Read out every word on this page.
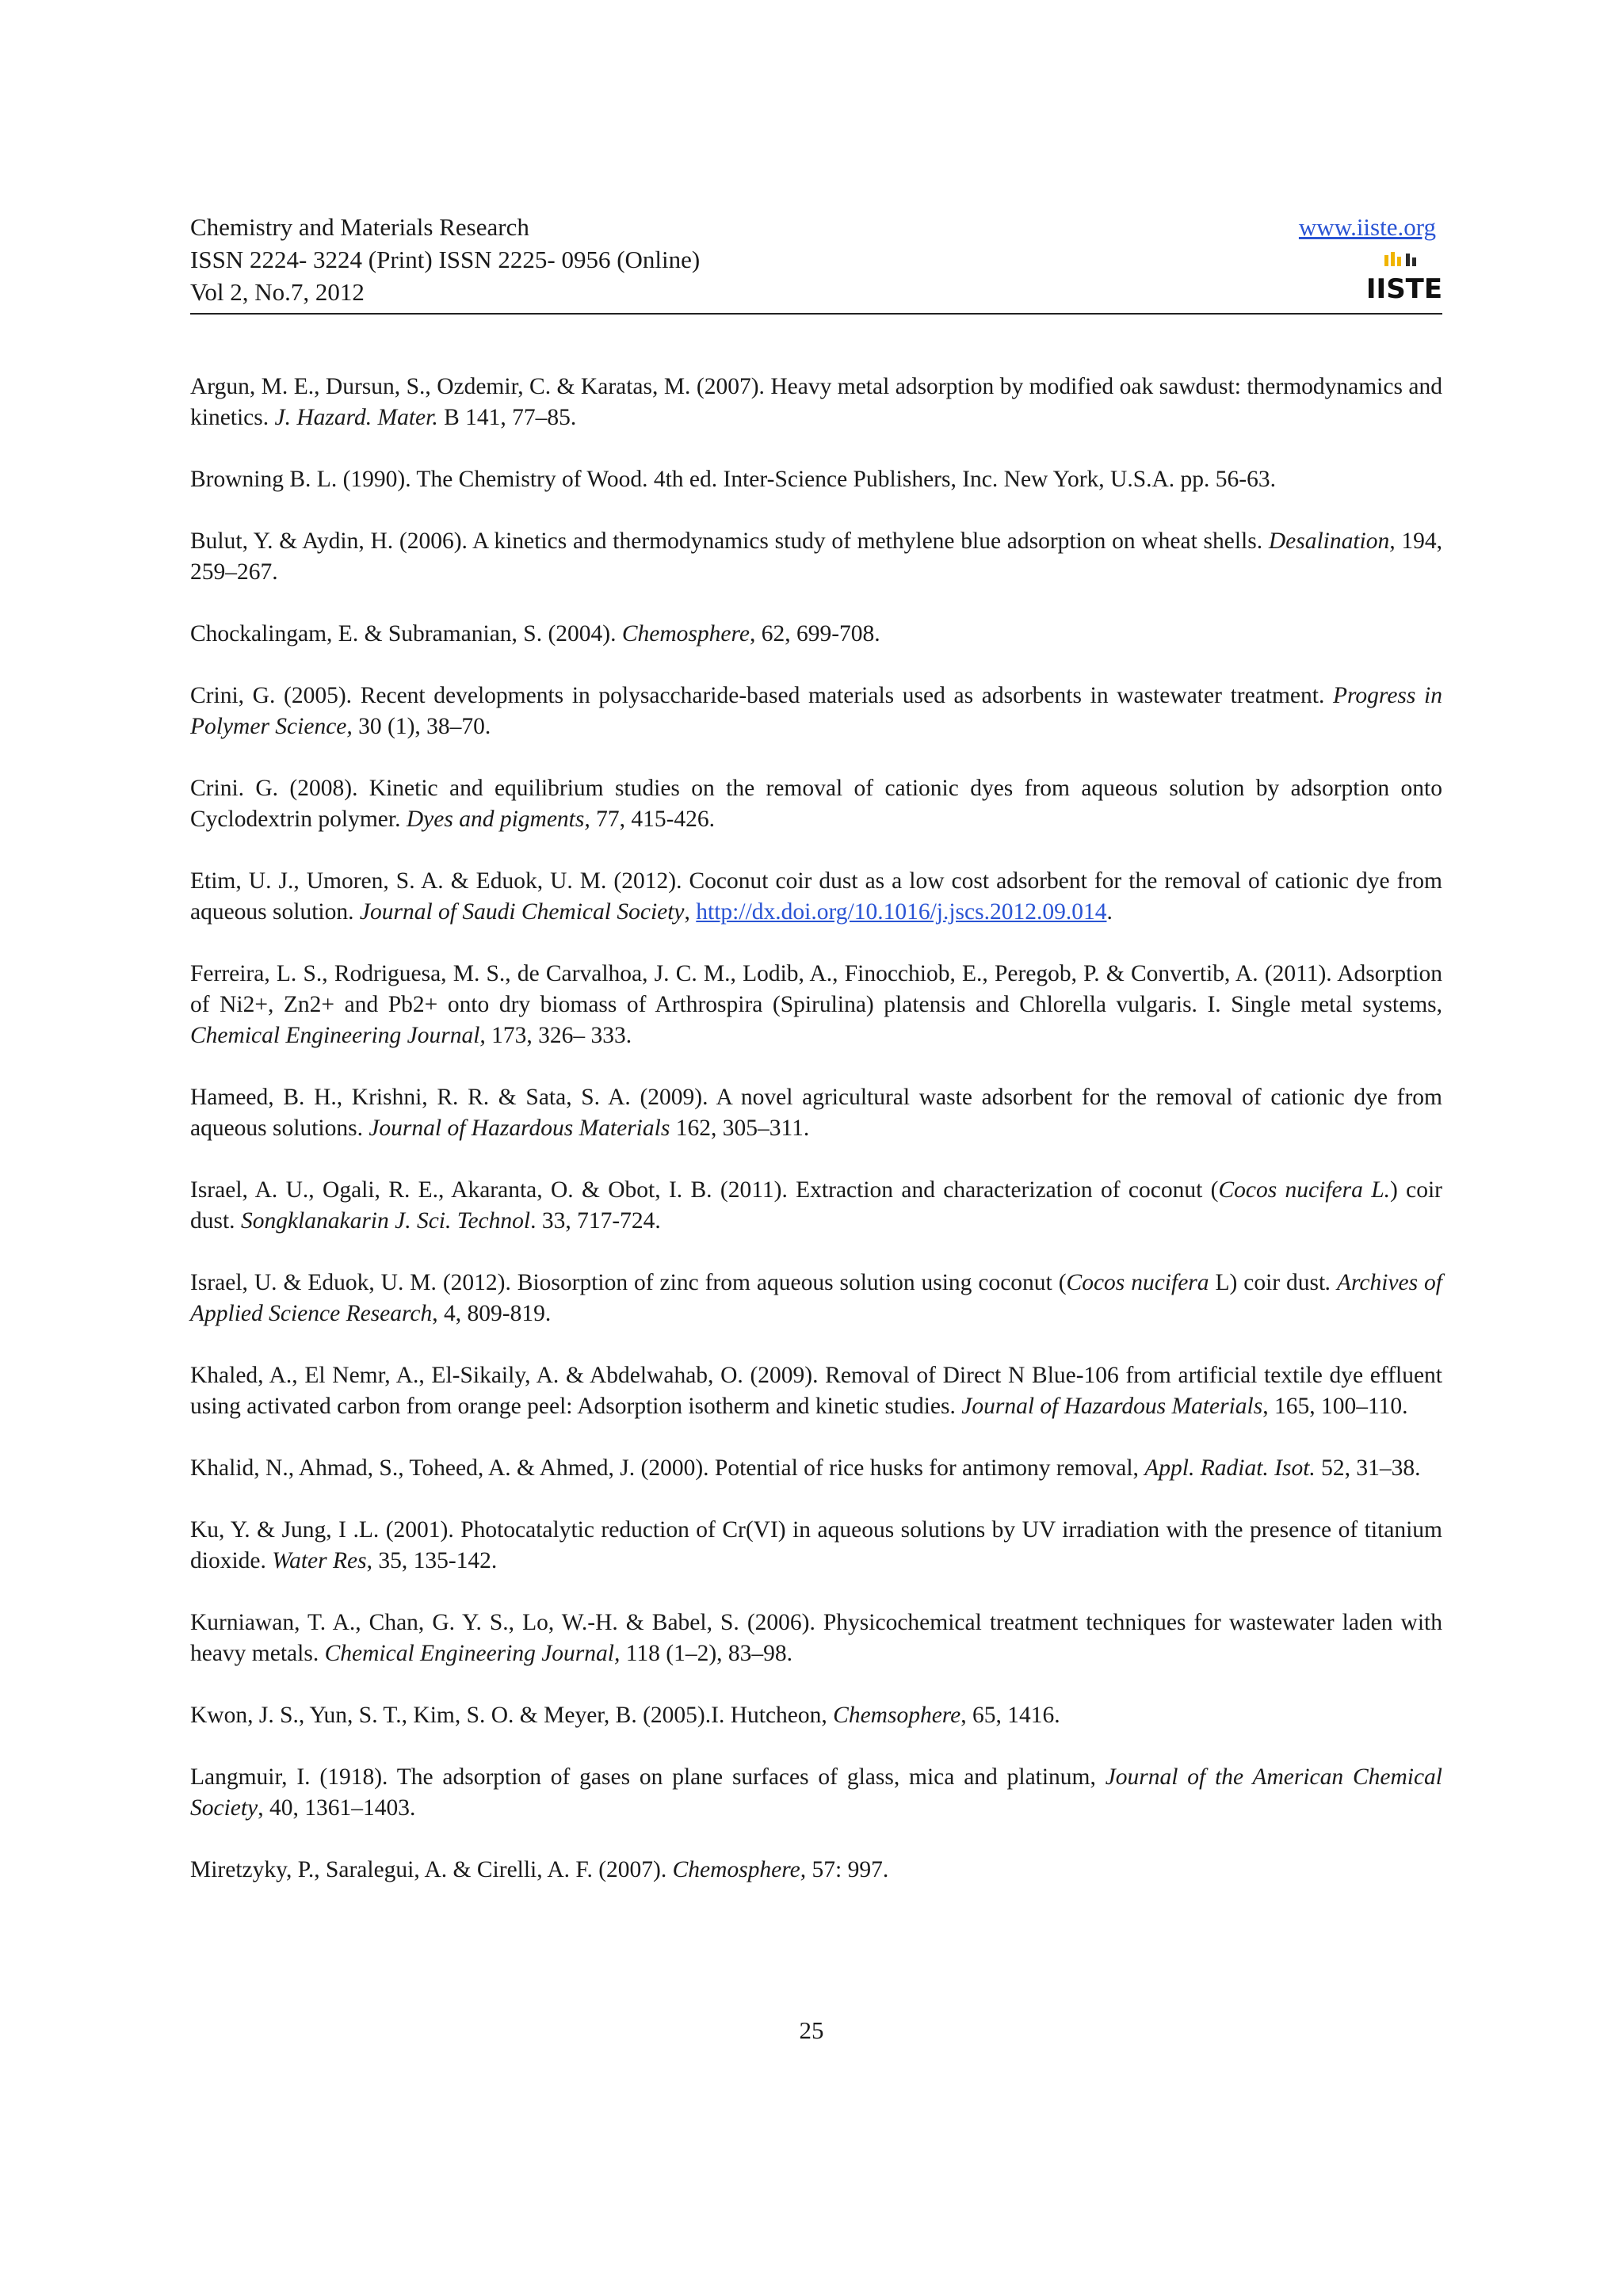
Chemistry and Materials Research
ISSN 2224- 3224 (Print) ISSN 2225- 0956 (Online)
Vol 2, No.7, 2012
www.iiste.org
IISTE

Argun, M. E., Dursun, S., Ozdemir, C. & Karatas, M. (2007). Heavy metal adsorption by modified oak sawdust: thermodynamics and kinetics. J. Hazard. Mater. B 141, 77–85.

Browning B. L. (1990). The Chemistry of Wood. 4th ed. Inter-Science Publishers, Inc. New York, U.S.A. pp. 56-63.

Bulut, Y. & Aydin, H. (2006). A kinetics and thermodynamics study of methylene blue adsorption on wheat shells. Desalination, 194, 259–267.

Chockalingam, E. & Subramanian, S. (2004). Chemosphere, 62, 699-708.

Crini, G. (2005). Recent developments in polysaccharide-based materials used as adsorbents in wastewater treatment. Progress in Polymer Science, 30 (1), 38–70.

Crini. G. (2008). Kinetic and equilibrium studies on the removal of cationic dyes from aqueous solution by adsorption onto Cyclodextrin polymer. Dyes and pigments, 77, 415-426.

Etim, U. J., Umoren, S. A. & Eduok, U. M. (2012). Coconut coir dust as a low cost adsorbent for the removal of cationic dye from aqueous solution. Journal of Saudi Chemical Society, http://dx.doi.org/10.1016/j.jscs.2012.09.014.

Ferreira, L. S., Rodriguesa, M. S., de Carvalhoa, J. C. M., Lodib, A., Finocchiob, E., Peregob, P. & Convertib, A. (2011). Adsorption of Ni2+, Zn2+ and Pb2+ onto dry biomass of Arthrospira (Spirulina) platensis and Chlorella vulgaris. I. Single metal systems, Chemical Engineering Journal, 173, 326– 333.

Hameed, B. H., Krishni, R. R. & Sata, S. A. (2009). A novel agricultural waste adsorbent for the removal of cationic dye from aqueous solutions. Journal of Hazardous Materials 162, 305–311.

Israel, A. U., Ogali, R. E., Akaranta, O. & Obot, I. B. (2011). Extraction and characterization of coconut (Cocos nucifera L.) coir dust. Songklanakarin J. Sci. Technol. 33, 717-724.

Israel, U. & Eduok, U. M. (2012). Biosorption of zinc from aqueous solution using coconut (Cocos nucifera L) coir dust. Archives of Applied Science Research, 4, 809-819.

Khaled, A., El Nemr, A., El-Sikaily, A. & Abdelwahab, O. (2009). Removal of Direct N Blue-106 from artificial textile dye effluent using activated carbon from orange peel: Adsorption isotherm and kinetic studies. Journal of Hazardous Materials, 165, 100–110.

Khalid, N., Ahmad, S., Toheed, A. & Ahmed, J. (2000). Potential of rice husks for antimony removal, Appl. Radiat. Isot. 52, 31–38.

Ku, Y. & Jung, I .L. (2001). Photocatalytic reduction of Cr(VI) in aqueous solutions by UV irradiation with the presence of titanium dioxide. Water Res, 35, 135-142.

Kurniawan, T. A., Chan, G. Y. S., Lo, W.-H. & Babel, S. (2006). Physicochemical treatment techniques for wastewater laden with heavy metals. Chemical Engineering Journal, 118 (1–2), 83–98.

Kwon, J. S., Yun, S. T., Kim, S. O. & Meyer, B. (2005).I. Hutcheon, Chemsophere, 65, 1416.

Langmuir, I. (1918). The adsorption of gases on plane surfaces of glass, mica and platinum, Journal of the American Chemical Society, 40, 1361–1403.

Miretzyky, P., Saralegui, A. & Cirelli, A. F. (2007). Chemosphere, 57: 997.

25
